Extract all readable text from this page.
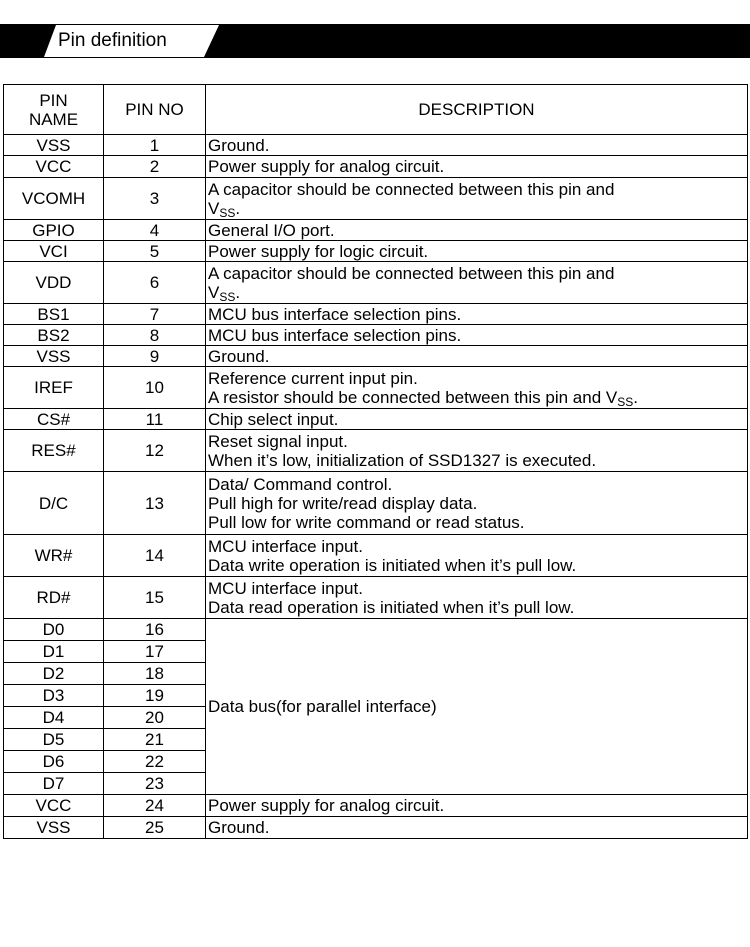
Pin definition
PIN
NAME	PIN NO	DESCRIPTION
VSS	1	Ground.

VCC	2	Power supply for analog circuit.

VCOMH	3	A capacitor should be connected between this pin and
$V_{SS}$.

GPIO	4	General I/O port.

VCI	5	Power supply for logic circuit.

VDD	6	A capacitor should be connected between this pin and
$V_{SS}$.

BS1	7	MCU bus interface selection pins.

BS2	8	MCU bus interface selection pins.

VSS	9	Ground.

IREF	10	Reference current input pin.
A resistor should be connected between this pin and $V_{SS}$.

CS#	11	Chip select input.

RES#	12	Reset signal input.
When it’s low, initialization of SSD1327 is executed.

D/C	13	Data/ Command control.
Pull high for write/read display data.
Pull low for write command or read status.

WR#	14	MCU interface input.
Data write operation is initiated when it’s pull low.

RD#	15	MCU interface input.
Data read operation is initiated when it’s pull low.

D0	16	Data bus(for parallel interface)
D1	17	
D2	18	
D3	19	
D4	20	
D5	21	
D6	22	
D7	23	
VCC	24	Power supply for analog circuit.

VSS	25	Ground.
